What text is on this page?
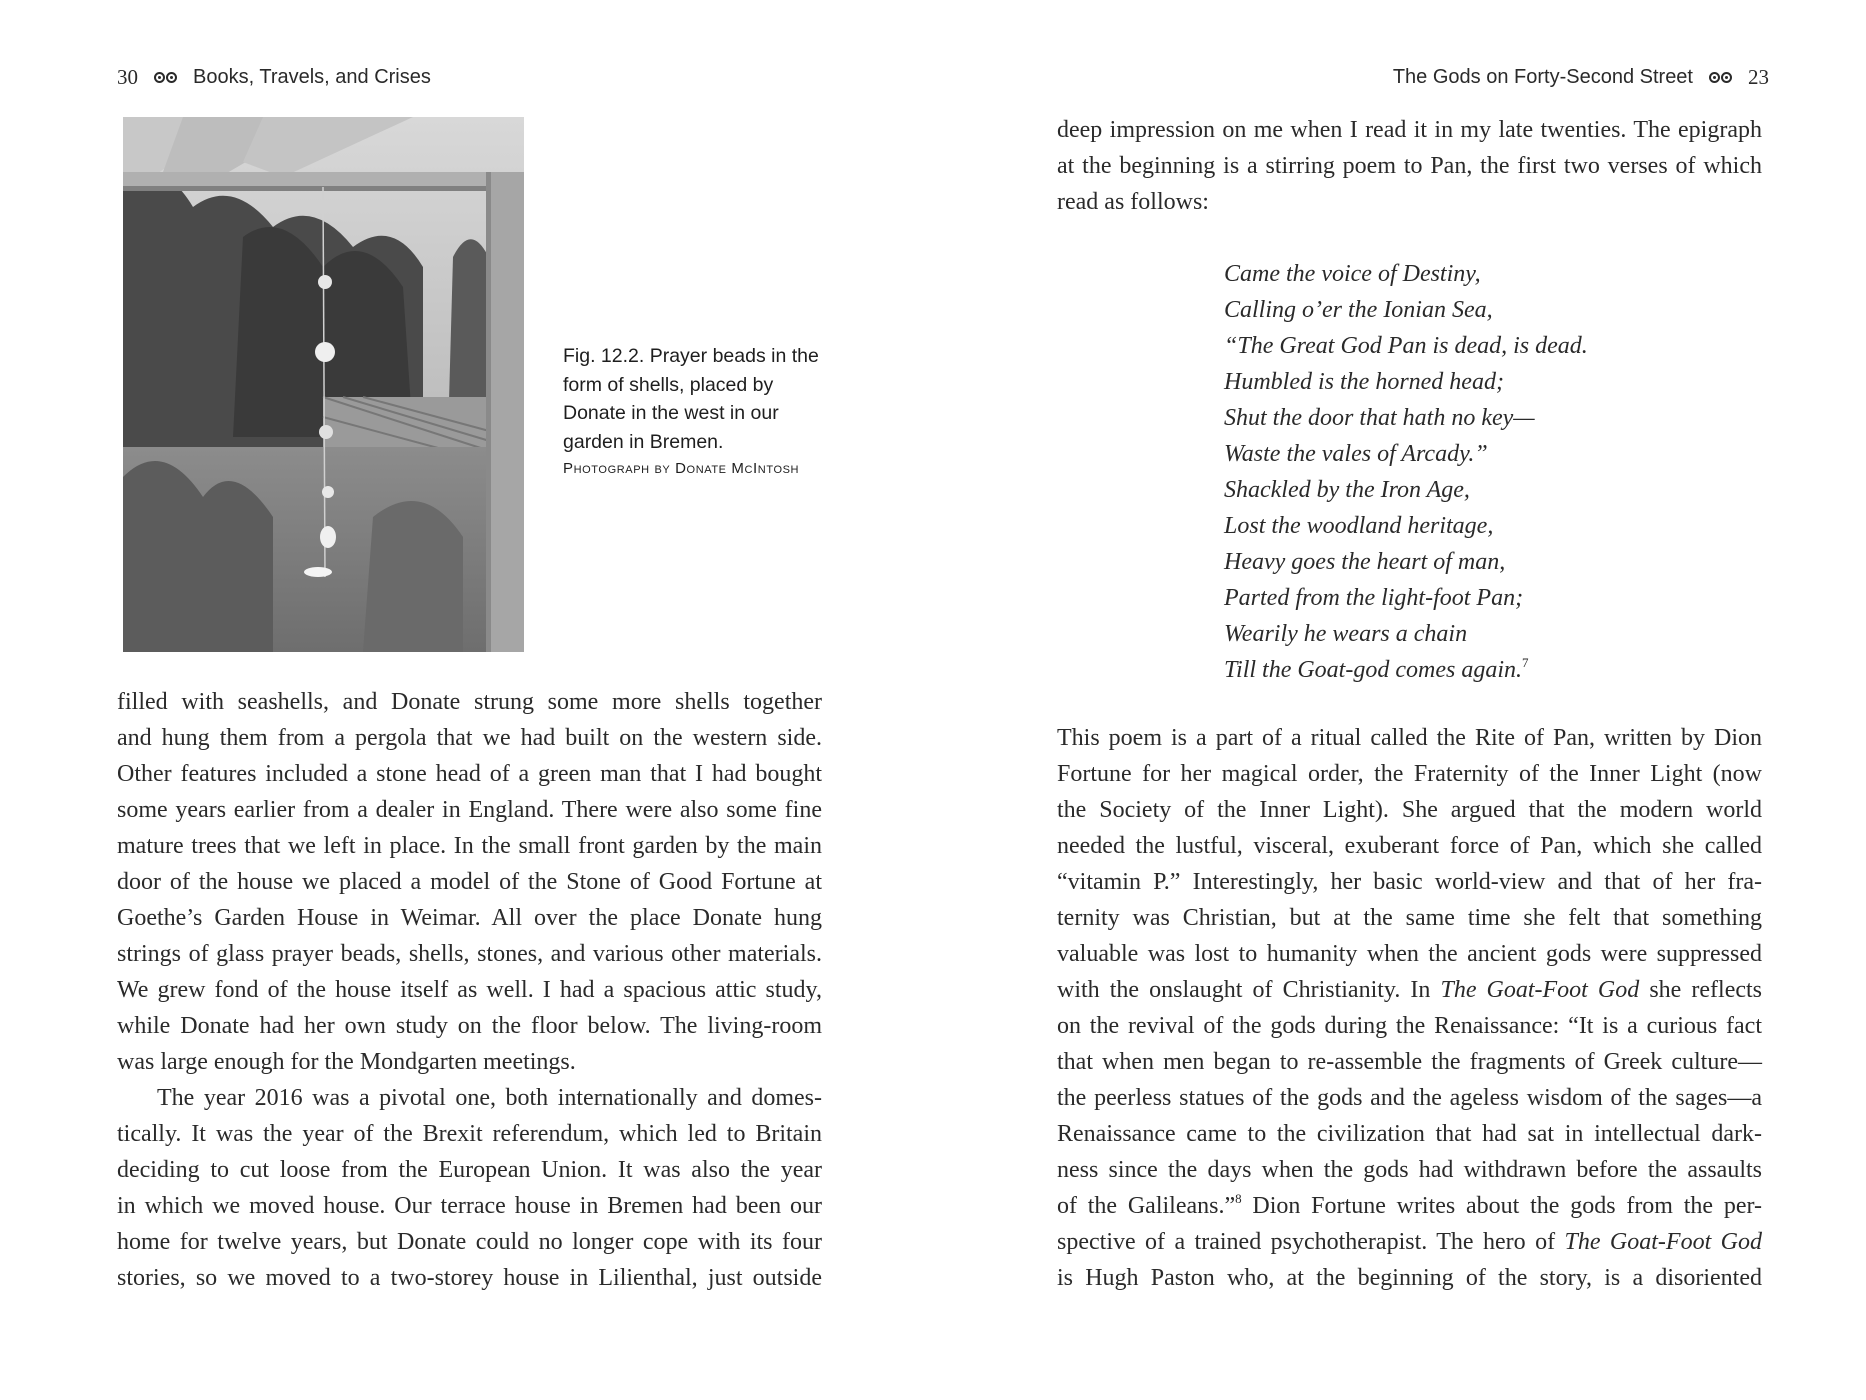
30	Books, Travels, and Crises

Fig. 12.2. Prayer beads in the form of shells, placed by Donate in the west in our garden in Bremen.

Photograph by Donate McIntosh
filled with seashells, and Donate strung some more shells together
and hung them from a pergola that we had built on the western side.
Other features included a stone head of a green man that I had bought
some years earlier from a dealer in England. There were also some fine
mature trees that we left in place. In the small front garden by the main
door of the house we placed a model of the Stone of Good Fortune at
Goethe’s Garden House in Weimar. All over the place Donate hung
strings of glass prayer beads, shells, stones, and various other materials.
We grew fond of the house itself as well. I had a spacious attic study,
while Donate had her own study on the floor below. The living-room
was large enough for the Mondgarten meetings.
The year 2016 was a pivotal one, both internationally and domes-
tically. It was the year of the Brexit referendum, which led to Britain
deciding to cut loose from the European Union. It was also the year
in which we moved house. Our terrace house in Bremen had been our
home for twelve years, but Donate could no longer cope with its four
stories, so we moved to a two-storey house in Lilienthal, just outside
The Gods on Forty-Second Street	23
deep impression on me when I read it in my late twenties. The epigraph
at the beginning is a stirring poem to Pan, the first two verses of which
read as follows:
Came the voice of Destiny,
Calling o’er the Ionian Sea,
“The Great God Pan is dead, is dead.
Humbled is the horned head;
Shut the door that hath no key—
Waste the vales of Arcady.”
Shackled by the Iron Age,
Lost the woodland heritage,
Heavy goes the heart of man,
Parted from the light-foot Pan;
Wearily he wears a chain
Till the Goat-god comes again.$^7$
This poem is a part of a ritual called the Rite of Pan, written by Dion
Fortune for her magical order, the Fraternity of the Inner Light (now
the Society of the Inner Light). She argued that the modern world
needed the lustful, visceral, exuberant force of Pan, which she called
“vitamin P.” Interestingly, her basic world-view and that of her fra-
ternity was Christian, but at the same time she felt that something
valuable was lost to humanity when the ancient gods were suppressed
with the onslaught of Christianity. In The Goat-Foot God she reflects
on the revival of the gods during the Renaissance: “It is a curious fact
that when men began to re-assemble the fragments of Greek culture—
the peerless statues of the gods and the ageless wisdom of the sages—a
Renaissance came to the civilization that had sat in intellectual dark-
ness since the days when the gods had withdrawn before the assaults
of the Galileans.”$^8$ Dion Fortune writes about the gods from the per-
spective of a trained psychotherapist. The hero of The Goat-Foot God
is Hugh Paston who, at the beginning of the story, is a disoriented
